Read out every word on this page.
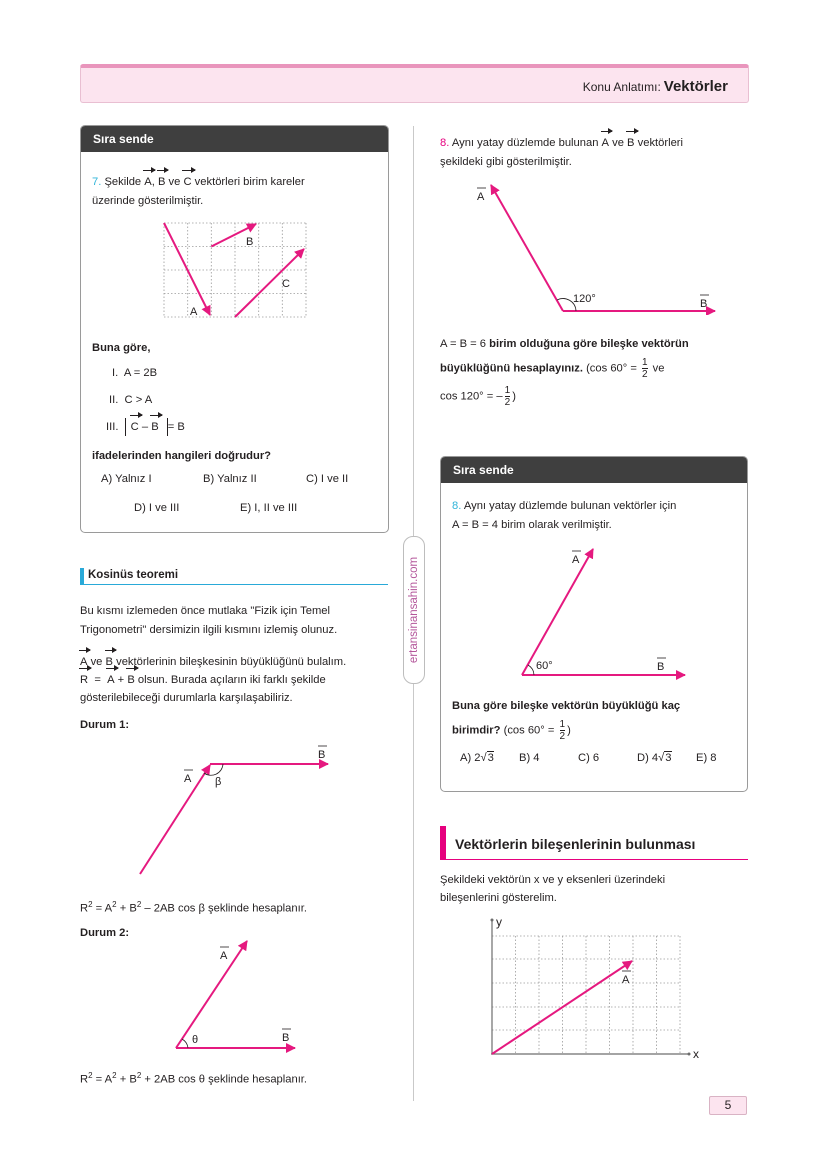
Konu Anlatımı: Vektörler
ertansinansahin.com
Sıra sende
7. Şekilde A, B ve C vektörleri birim kareler
üzerinde gösterilmiştir.
B
C
A
Buna göre,
I. A = 2B
II. C > A
III. C – B = B
ifadelerinden hangileri doğrudur?
A) Yalnız I	B) Yalnız II	C) I ve II
D) I ve III	E) I, II ve III
Kosinüs teoremi
Bu kısmı izlemeden önce mutlaka "Fizik için Temel
Trigonometri" dersimizin ilgili kısmını izlemiş olunuz.
A ve B vektörlerinin bileşkesinin büyüklüğünü bulalım.
R = A + B olsun. Burada açıların iki farklı şekilde
gösterilebileceği durumlarla karşılaşabiliriz.
Durum 1:
A
B
β
$R^2 = A^2 + B^2 - 2AB$ cos β şeklinde hesaplanır.
Durum 2:
A
B
θ
$R^2 = A^2 + B^2 + 2AB$ cos θ şeklinde hesaplanır.
8. Aynı yatay düzlemde bulunan A ve B vektörleri
şekildeki gibi gösterilmiştir.
A
B
120°
A = B = 6 birim olduğuna göre bileşke vektörün
büyüklüğünü hesaplayınız. (cos $60^\circ = \frac{1}{2}$ ve
cos 120° = – $\frac{1}{2}$ )
Sıra sende
8. Aynı yatay düzlemde bulunan vektörler için
A = B = 4 birim olarak verilmiştir.
A
B
60°
Buna göre bileşke vektörün büyüklüğü kaç
birimdir? (cos $60^\circ = \frac{1}{2}$ )
A) 2√3 B) 4	C) 6	D) 4√3 E) 8
Vektörlerin bileşenlerinin bulunması
Şekildeki vektörün x ve y eksenleri üzerindeki
bileşenlerini gösterelim.
A
y
x
5
